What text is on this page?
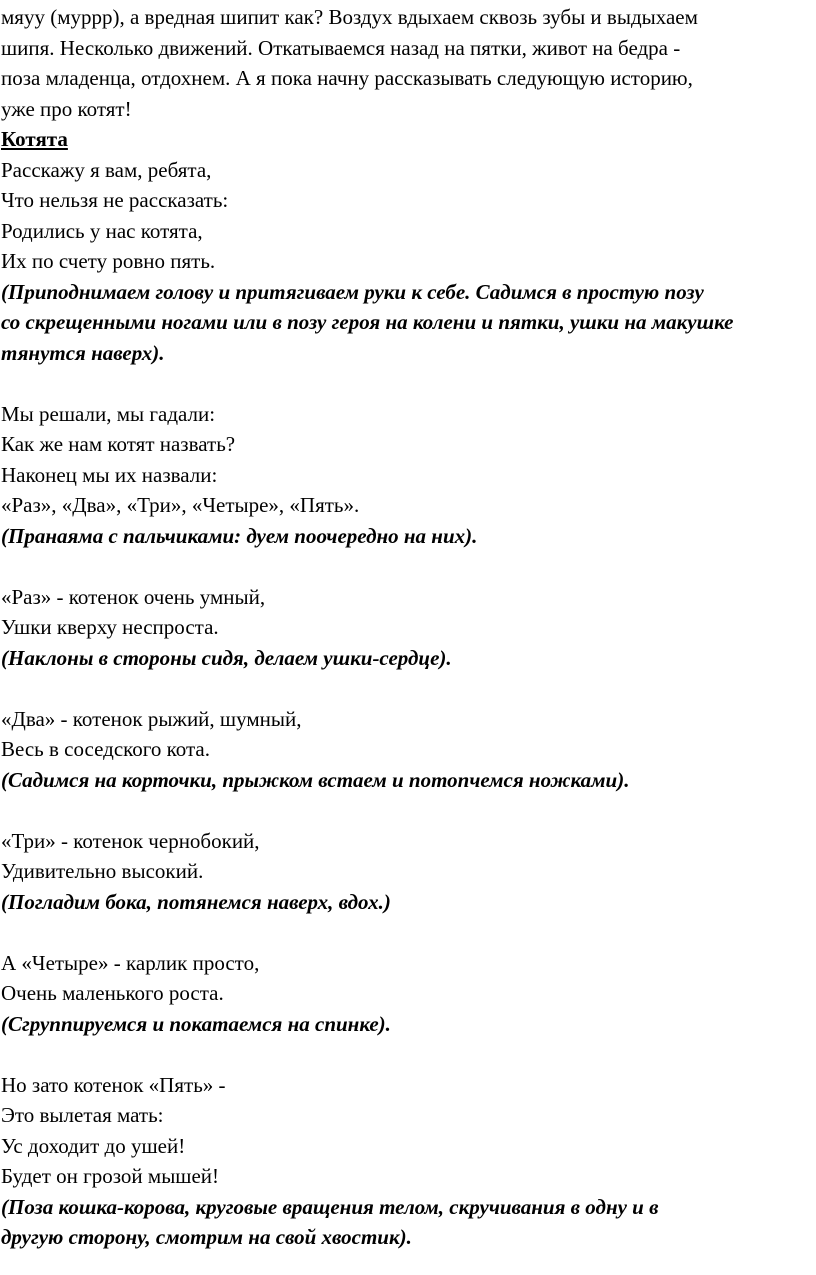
мяуу (муррр), а вредная шипит как? Воздух вдыхаем сквозь зубы и выдыхаем
шипя. Несколько движений. Откатываемся назад на пятки, живот на бедра -
поза младенца, отдохнем. А я пока начну рассказывать следующую историю,
уже про котят!
Котята
Расскажу я вам, ребята,
Что нельзя не рассказать:
Родились у нас котята,
Их по счету ровно пять.
(Приподнимаем голову и притягиваем руки к себе. Садимся в простую позу
со скрещенными ногами или в позу героя на колени и пятки, ушки на макушке
тянутся наверх).
Мы решали, мы гадали:
Как же нам котят назвать?
Наконец мы их назвали:
«Раз», «Два», «Три», «Четыре», «Пять».
(Пранаяма с пальчиками: дуем поочередно на них).
«Раз» - котенок очень умный,
Ушки кверху неспроста.
(Наклоны в стороны сидя, делаем ушки-сердце).
«Два» - котенок рыжий, шумный,
Весь в соседского кота.
(Садимся на корточки, прыжком встаем и потопчемся ножками).
«Три» - котенок чернобокий,
Удивительно высокий.
(Погладим бока, потянемся наверх, вдох.)
А «Четыре» - карлик просто,
Очень маленького роста.
(Сгруппируемся и покатаемся на спинке).
Но зато котенок «Пять» -
Это вылетая мать:
Ус доходит до ушей!
Будет он грозой мышей!
(Поза кошка-корова, круговые вращения телом, скручивания в одну и в
другую сторону, смотрим на свой хвостик).
